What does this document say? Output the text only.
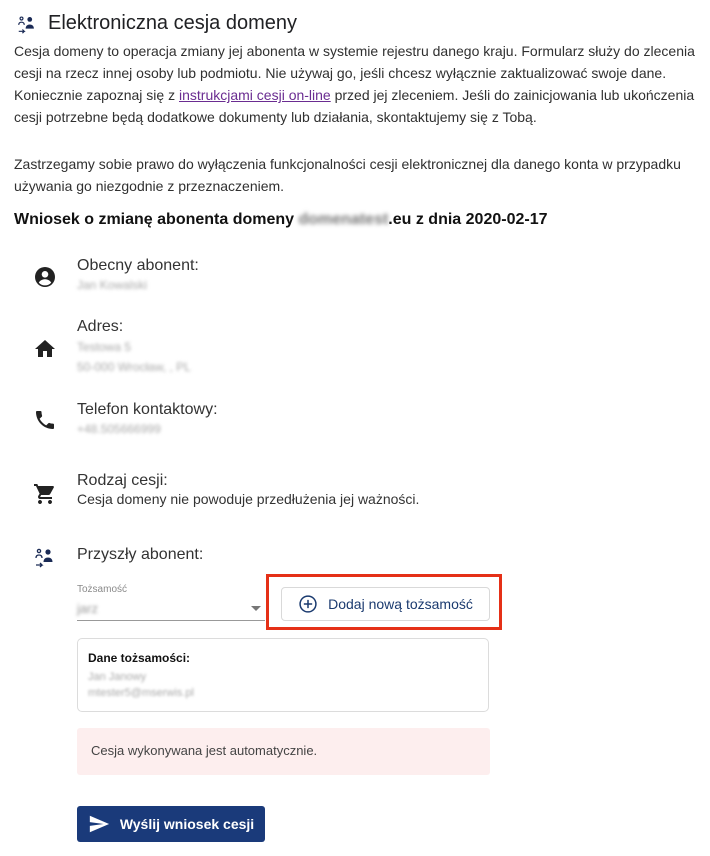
Elektroniczna cesja domeny

Cesja domeny to operacja zmiany jej abonenta w systemie rejestru danego kraju. Formularz służy do zlecenia cesji na rzecz innej osoby lub podmiotu. Nie używaj go, jeśli chcesz wyłącznie zaktualizować swoje dane. Koniecznie zapoznaj się z instrukcjami cesji on-line przed jej zleceniem. Jeśli do zainicjowania lub ukończenia cesji potrzebne będą dodatkowe dokumenty lub działania, skontaktujemy się z Tobą.

Zastrzegamy sobie prawo do wyłączenia funkcjonalności cesji elektronicznej dla danego konta w przypadku używania go niezgodnie z przeznaczeniem.

Wniosek o zmianę abonenta domeny domenatest.eu z dnia 2020-02-17
Obecny abonent:
Jan Kowalski
Adres:
Testowa 5
50-000 Wrocław, , PL
Telefon kontaktowy:
+48.505666999
Rodzaj cesji:
Cesja domeny nie powoduje przedłużenia jej ważności.
Przyszły abonent:
Tożsamość
jarz	Dodaj nową tożsamość
Dane tożsamości:
Jan Janowy
mtester5@mserwis.pl
Cesja wykonywana jest automatycznie.
Wyślij wniosek cesji
